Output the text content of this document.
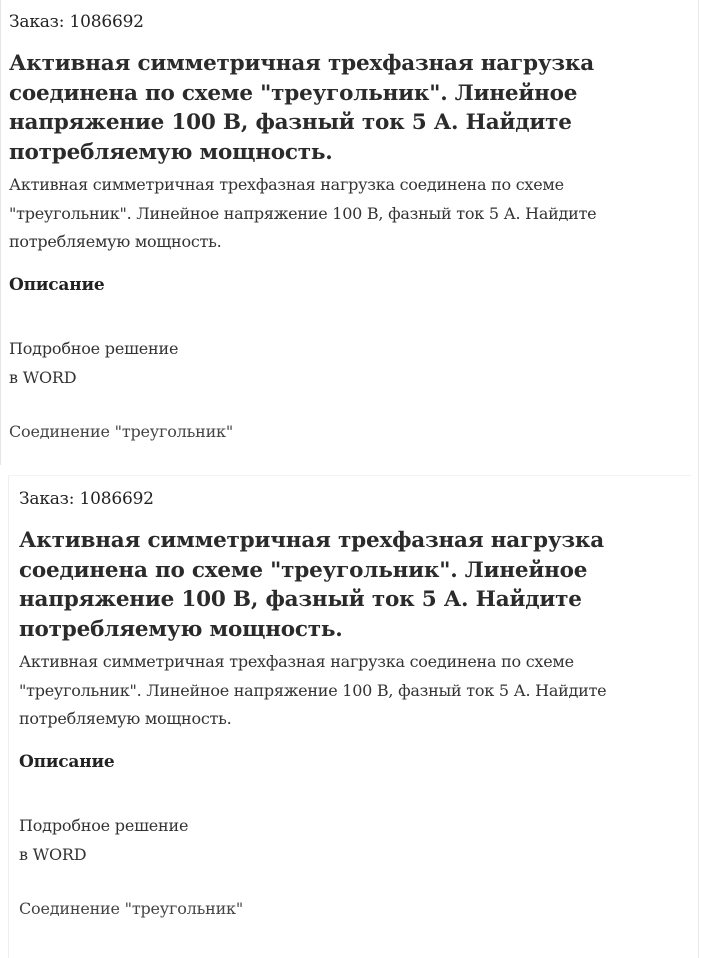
Заказ: 1086692

Активная симметричная трехфазная нагрузка соединена по схеме "треугольник". Линейное напряжение 100 В, фазный ток 5 А. Найдите потребляемую мощность.

Активная симметричная трехфазная нагрузка соединена по схеме "треугольник". Линейное напряжение 100 В, фазный ток 5 А. Найдите потребляемую мощность.

Описание
Подробное решение
в WORD

Соединение "треугольник"

Заказ: 1086692

Активная симметричная трехфазная нагрузка соединена по схеме "треугольник". Линейное напряжение 100 В, фазный ток 5 А. Найдите потребляемую мощность.

Активная симметричная трехфазная нагрузка соединена по схеме "треугольник". Линейное напряжение 100 В, фазный ток 5 А. Найдите потребляемую мощность.

Описание
Подробное решение
в WORD

Соединение "треугольник"
